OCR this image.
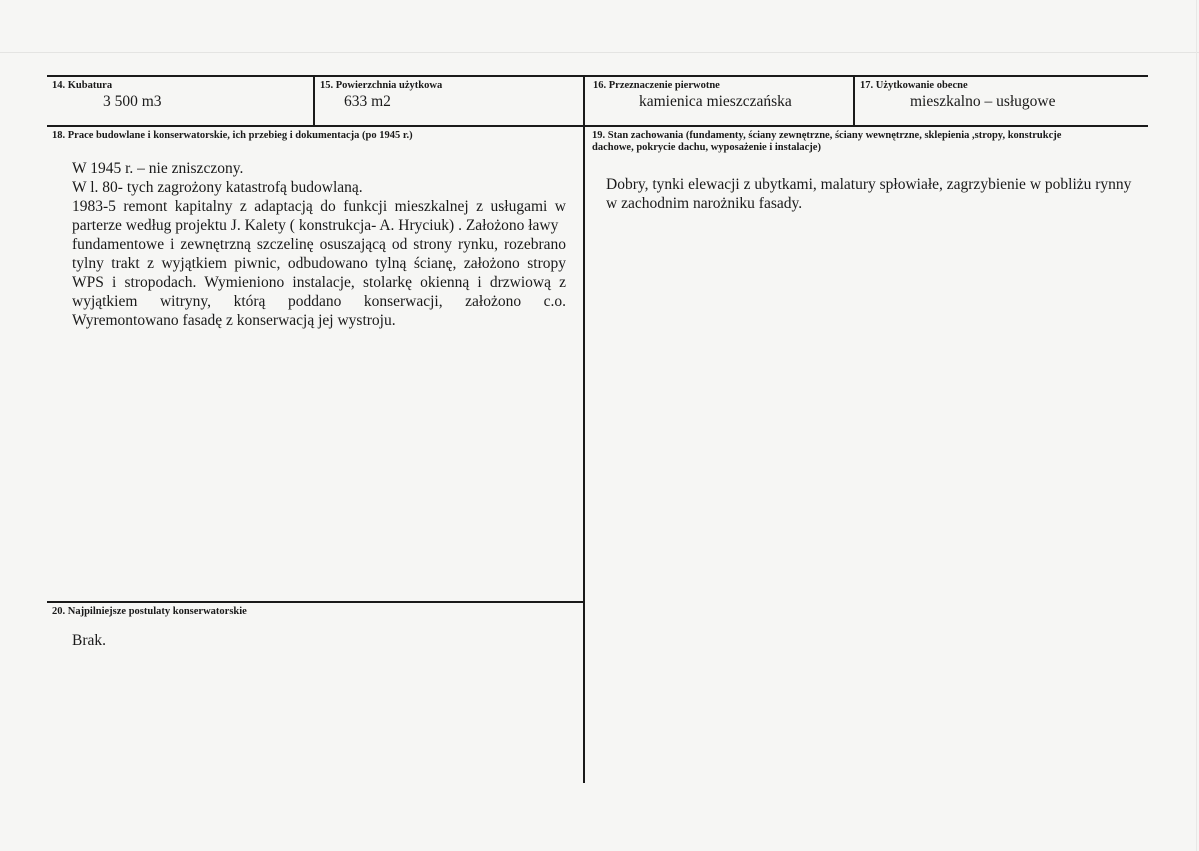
14. Kubatura
3 500 m3
15. Powierzchnia użytkowa
633 m2
16. Przeznaczenie pierwotne
kamienica mieszczańska
17. Użytkowanie obecne
mieszkalno – usługowe
18. Prace budowlane i konserwatorskie, ich przebieg i dokumentacja (po 1945 r.)
W 1945 r. – nie zniszczony.
W l. 80- tych zagrożony katastrofą budowlaną.
1983-5 remont kapitalny z adaptacją do funkcji mieszkalnej z usługami w
parterze według projektu J. Kalety ( konstrukcja- A. Hryciuk) . Założono ławy
fundamentowe i zewnętrzną szczelinę osuszającą od strony rynku, rozebrano
tylny trakt z wyjątkiem piwnic, odbudowano tylną ścianę, założono stropy
WPS i stropodach. Wymieniono instalacje, stolarkę okienną i drzwiową z
wyjątkiem witryny, którą poddano konserwacji, założono c.o.
Wyremontowano fasadę z konserwacją jej wystroju.
19. Stan zachowania (fundamenty, ściany zewnętrzne, ściany wewnętrzne, sklepienia ,stropy, konstrukcje
dachowe, pokrycie dachu, wyposażenie i instalacje)
Dobry, tynki elewacji z ubytkami, malatury spłowiałe, zagrzybienie w pobliżu rynny
w zachodnim narożniku fasady.
20. Najpilniejsze postulaty konserwatorskie
Brak.
